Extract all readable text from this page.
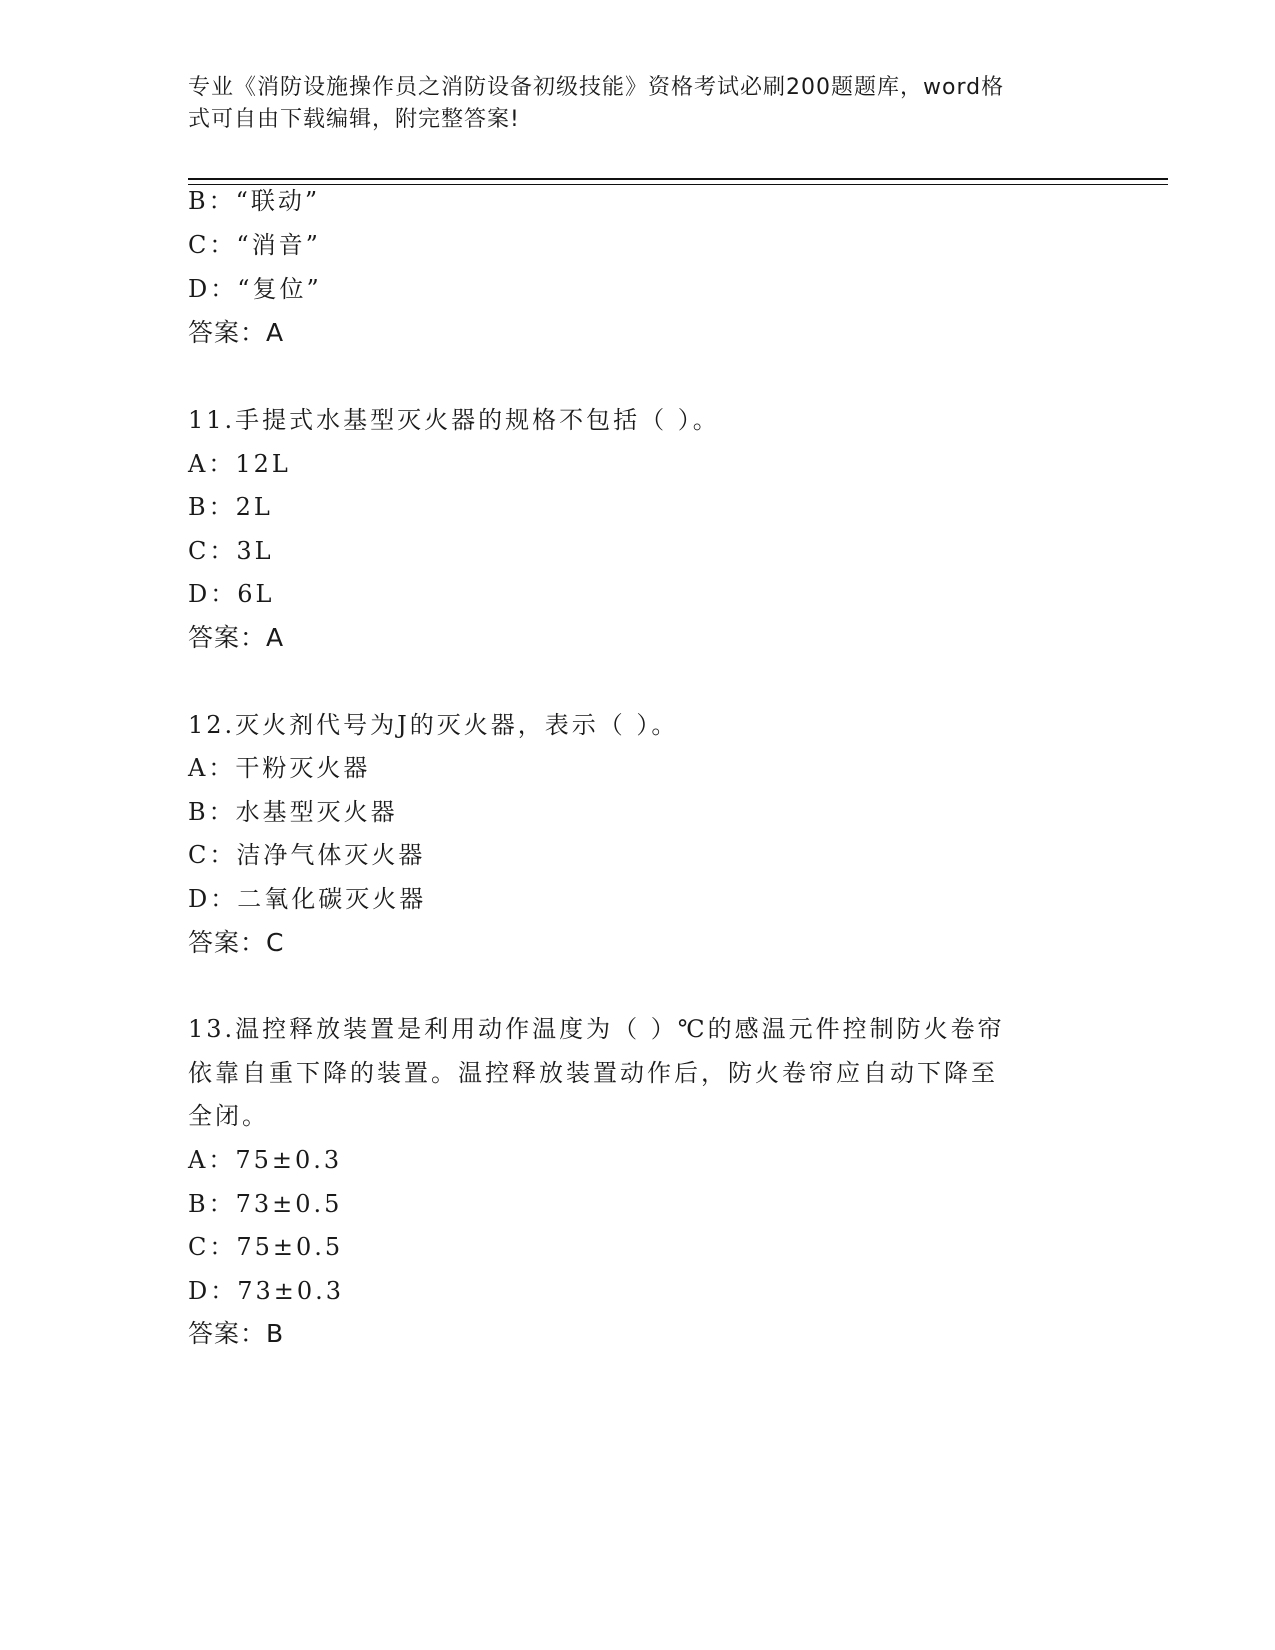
专业《消防设施操作员之消防设备初级技能》资格考试必刷200题题库，word格
式可自由下载编辑，附完整答案!
B：“联动”
C：“消音”
D：“复位”
答案：A
11.手提式水基型灭火器的规格不包括（ ）。
A：12L
B：2L
C：3L
D：6L
答案：A
12.灭火剂代号为J的灭火器，表示（ ）。
A：干粉灭火器
B：水基型灭火器
C：洁净气体灭火器
D：二氧化碳灭火器
答案：C
13.温控释放装置是利用动作温度为（ ）℃的感温元件控制防火卷帘
依靠自重下降的装置。温控释放装置动作后，防火卷帘应自动下降至
全闭。
A：75±0.3
B：73±0.5
C：75±0.5
D：73±0.3
答案：B
